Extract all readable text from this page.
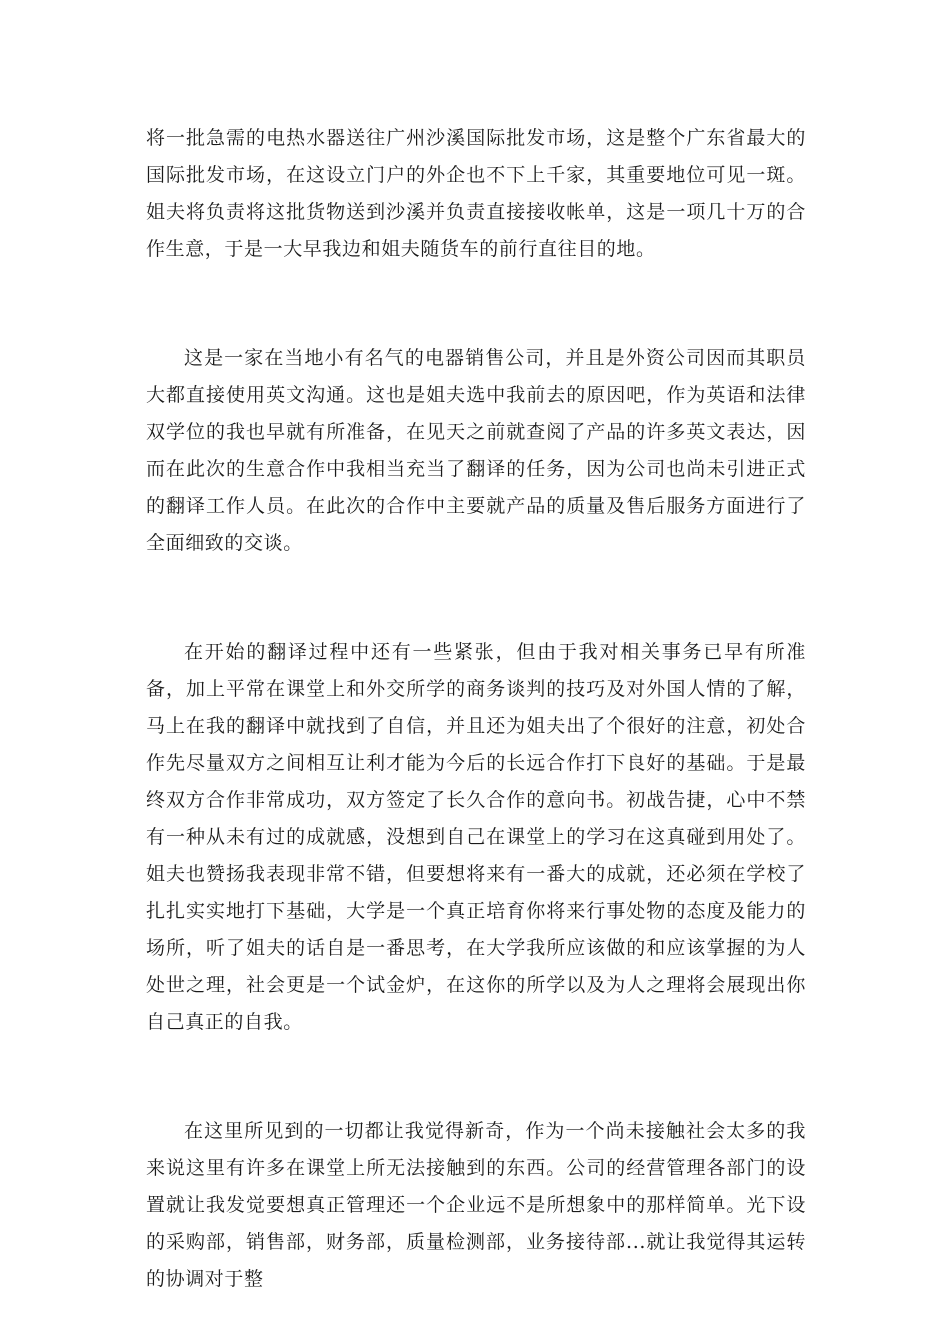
将一批急需的电热水器送往广州沙溪国际批发市场，这是整个广东省最大的国际批发市场，在这设立门户的外企也不下上千家，其重要地位可见一斑。姐夫将负责将这批货物送到沙溪并负责直接接收帐单，这是一项几十万的合作生意，于是一大早我边和姐夫随货车的前行直往目的地。

这是一家在当地小有名气的电器销售公司，并且是外资公司因而其职员大都直接使用英文沟通。这也是姐夫选中我前去的原因吧，作为英语和法律双学位的我也早就有所准备，在见天之前就查阅了产品的许多英文表达，因而在此次的生意合作中我相当充当了翻译的任务，因为公司也尚未引进正式的翻译工作人员。在此次的合作中主要就产品的质量及售后服务方面进行了全面细致的交谈。

在开始的翻译过程中还有一些紧张，但由于我对相关事务已早有所准备，加上平常在课堂上和外交所学的商务谈判的技巧及对外国人情的了解，马上在我的翻译中就找到了自信，并且还为姐夫出了个很好的注意，初处合作先尽量双方之间相互让利才能为今后的长远合作打下良好的基础。于是最终双方合作非常成功，双方签定了长久合作的意向书。初战告捷，心中不禁有一种从未有过的成就感，没想到自己在课堂上的学习在这真碰到用处了。姐夫也赞扬我表现非常不错，但要想将来有一番大的成就，还必须在学校了扎扎实实地打下基础，大学是一个真正培育你将来行事处物的态度及能力的场所，听了姐夫的话自是一番思考，在大学我所应该做的和应该掌握的为人处世之理，社会更是一个试金炉，在这你的所学以及为人之理将会展现出你自己真正的自我。

在这里所见到的一切都让我觉得新奇，作为一个尚未接触社会太多的我来说这里有许多在课堂上所无法接触到的东西。公司的经营管理各部门的设置就让我发觉要想真正管理还一个企业远不是所想象中的那样简单。光下设的采购部，销售部，财务部，质量检测部，业务接待部...就让我觉得其运转的协调对于整
